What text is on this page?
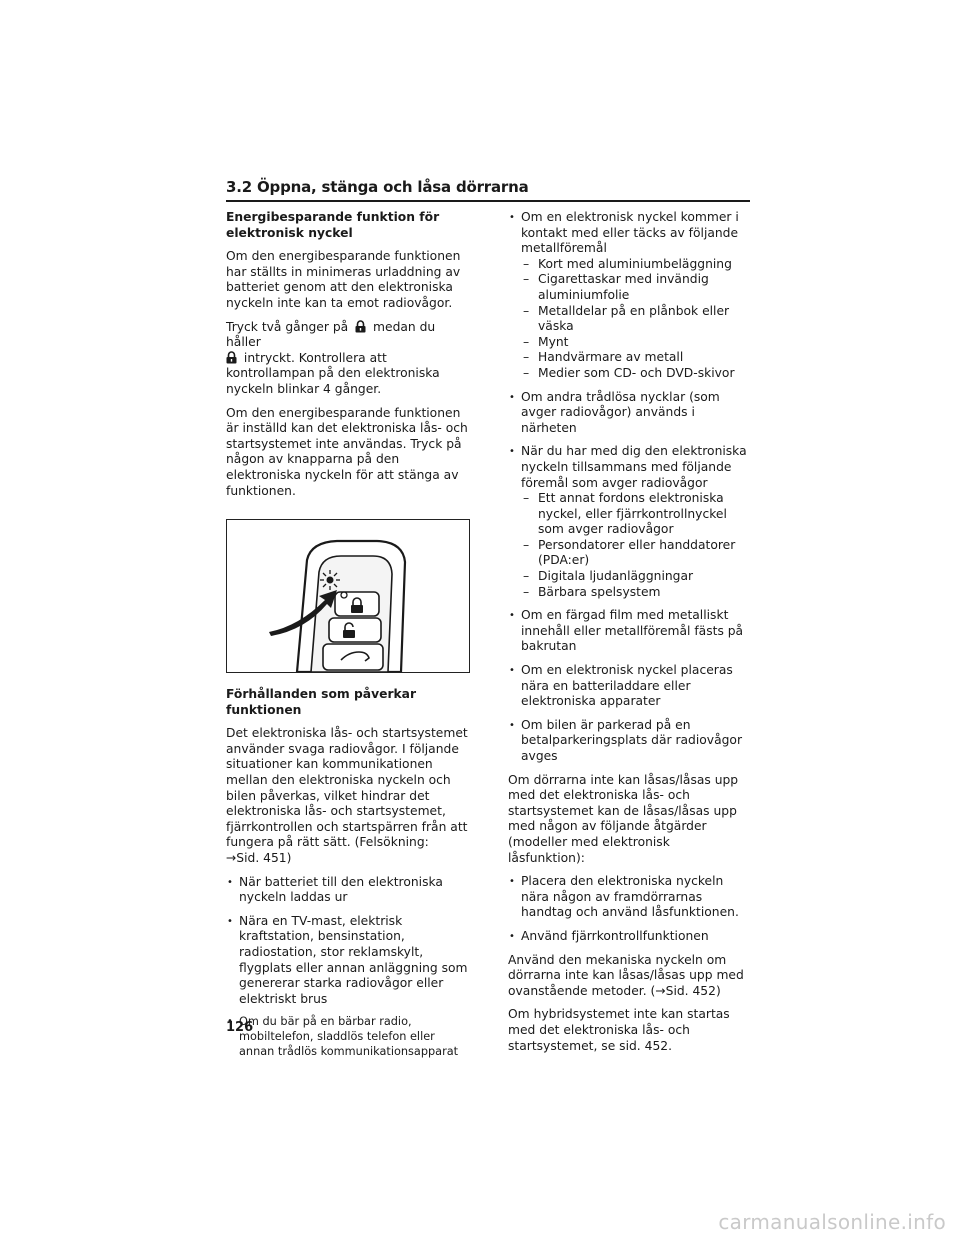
3.2 Öppna, stänga och låsa dörrarna

Energibesparande funktion för elektronisk nyckel

Om den energibesparande funktionen har ställts in minimeras urladdning av batteriet genom att den elektroniska nyckeln inte kan ta emot radiovågor.

Tryck två gånger på medan du håller
intryckt. Kontrollera att kontrollampan på den elektroniska nyckeln blinkar 4 gånger.

Om den energibesparande funktionen är inställd kan det elektroniska lås- och startsystemet inte användas. Tryck på någon av knapparna på den elektroniska nyckeln för att stänga av funktionen.

Förhållanden som påverkar funktionen

Det elektroniska lås- och startsystemet använder svaga radiovågor. I följande situationer kan kommunikationen mellan den elektroniska nyckeln och bilen påverkas, vilket hindrar det elektroniska lås- och startsystemet, fjärrkontrollen och startspärren från att fungera på rätt sätt. (Felsökning:
→Sid. 451)

• När batteriet till den elektroniska nyckeln laddas ur
• Nära en TV-mast, elektrisk kraftstation, bensinstation, radiostation, stor reklamskylt, flygplats eller annan anläggning som genererar starka radiovågor eller elektriskt brus
• Om du bär på en bärbar radio, mobiltelefon, sladdlös telefon eller annan trådlös kommunikationsapparat
• Om en elektronisk nyckel kommer i kontakt med eller täcks av följande metallföremål
– Kort med aluminiumbeläggning
– Cigarettaskar med invändig aluminiumfolie
– Metalldelar på en plånbok eller väska
– Mynt
– Handvärmare av metall
– Medier som CD- och DVD-skivor
• Om andra trådlösa nycklar (som avger radiovågor) används i närheten
• När du har med dig den elektroniska nyckeln tillsammans med följande föremål som avger radiovågor
– Ett annat fordons elektroniska nyckel, eller fjärrkontrollnyckel som avger radiovågor
– Persondatorer eller handdatorer (PDA:er)
– Digitala ljudanläggningar
– Bärbara spelsystem
• Om en färgad film med metalliskt innehåll eller metallföremål fästs på bakrutan
• Om en elektronisk nyckel placeras nära en batteriladdare eller elektroniska apparater
• Om bilen är parkerad på en betalparkeringsplats där radiovågor avges

Om dörrarna inte kan låsas/låsas upp med det elektroniska lås- och startsystemet kan de låsas/låsas upp med någon av följande åtgärder (modeller med elektronisk låsfunktion):

• Placera den elektroniska nyckeln nära någon av framdörrarnas handtag och använd låsfunktionen.
• Använd fjärrkontrollfunktionen

Använd den mekaniska nyckeln om dörrarna inte kan låsas/låsas upp med ovanstående metoder. (→Sid. 452)

Om hybridsystemet inte kan startas med det elektroniska lås- och startsystemet, se sid. 452.

126
carmanualsonline.info
